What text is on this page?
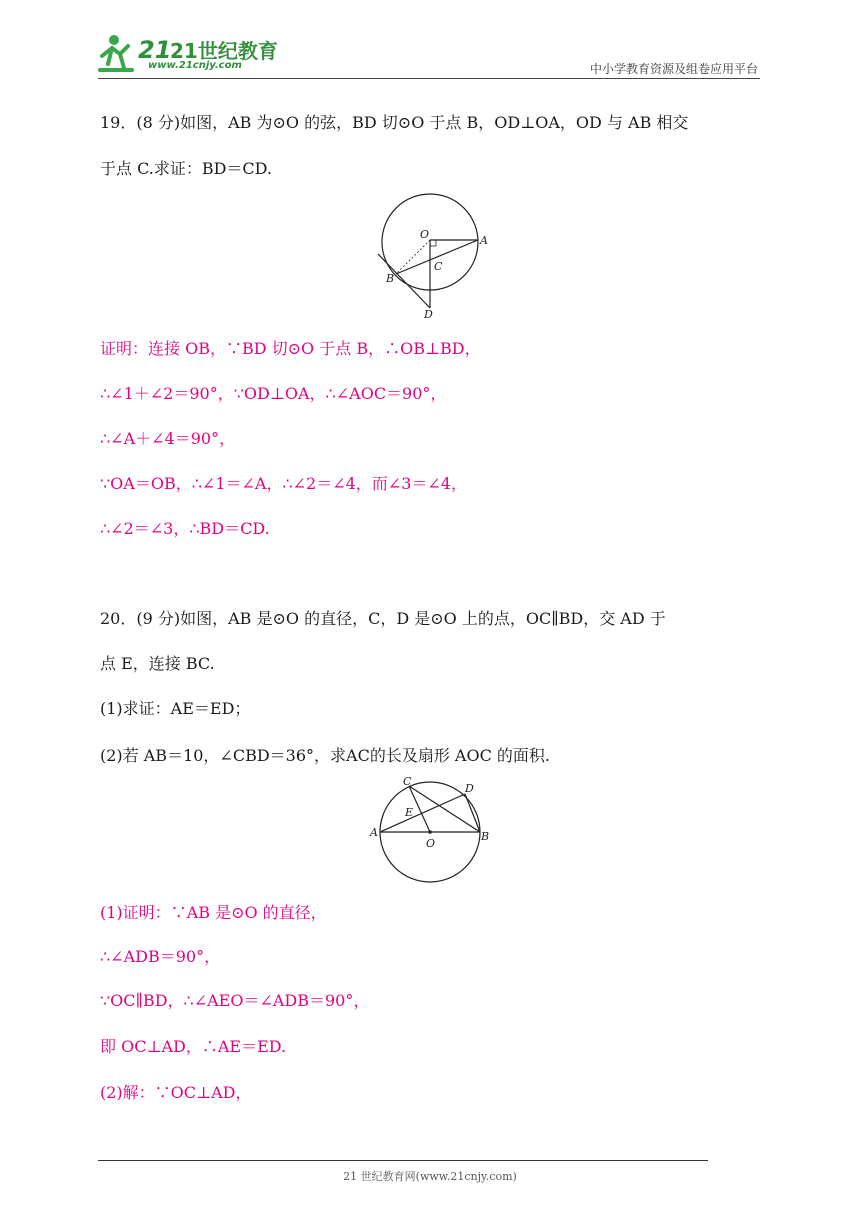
21
21世纪教育
www.21cnjy.com	中小学教育资源及组卷应用平台
19．(8 分)如图，AB 为⊙O 的弦，BD 切⊙O 于点 B，OD⊥OA，OD 与 AB 相交
于点 C.求证：BD＝CD.
O	A
B
C
D
证明：连接 OB，∵BD 切⊙O 于点 B，∴OB⊥BD，
∴∠1＋∠2＝90°，∵OD⊥OA，∴∠AOC＝90°，
∴∠A＋∠4＝90°，
∵OA＝OB，∴∠1＝∠A，∴∠2＝∠4，而∠3＝∠4，
∴∠2＝∠3，∴BD＝CD.
20．(9 分)如图，AB 是⊙O 的直径，C，D 是⊙O 上的点，OC∥BD，交 AD 于
点 E，连接 BC.
(1)求证：AE＝ED；
(2)若 AB＝10，∠CBD＝36°，求AC的长及扇形 AOC 的面积.
C
D
A	B
E
O
(1)证明：∵AB 是⊙O 的直径，
∴∠ADB＝90°，
∵OC∥BD，∴∠AEO＝∠ADB＝90°，
即 OC⊥AD，∴AE＝ED.
(2)解：∵OC⊥AD，
21 世纪教育网(www.21cnjy.com)
